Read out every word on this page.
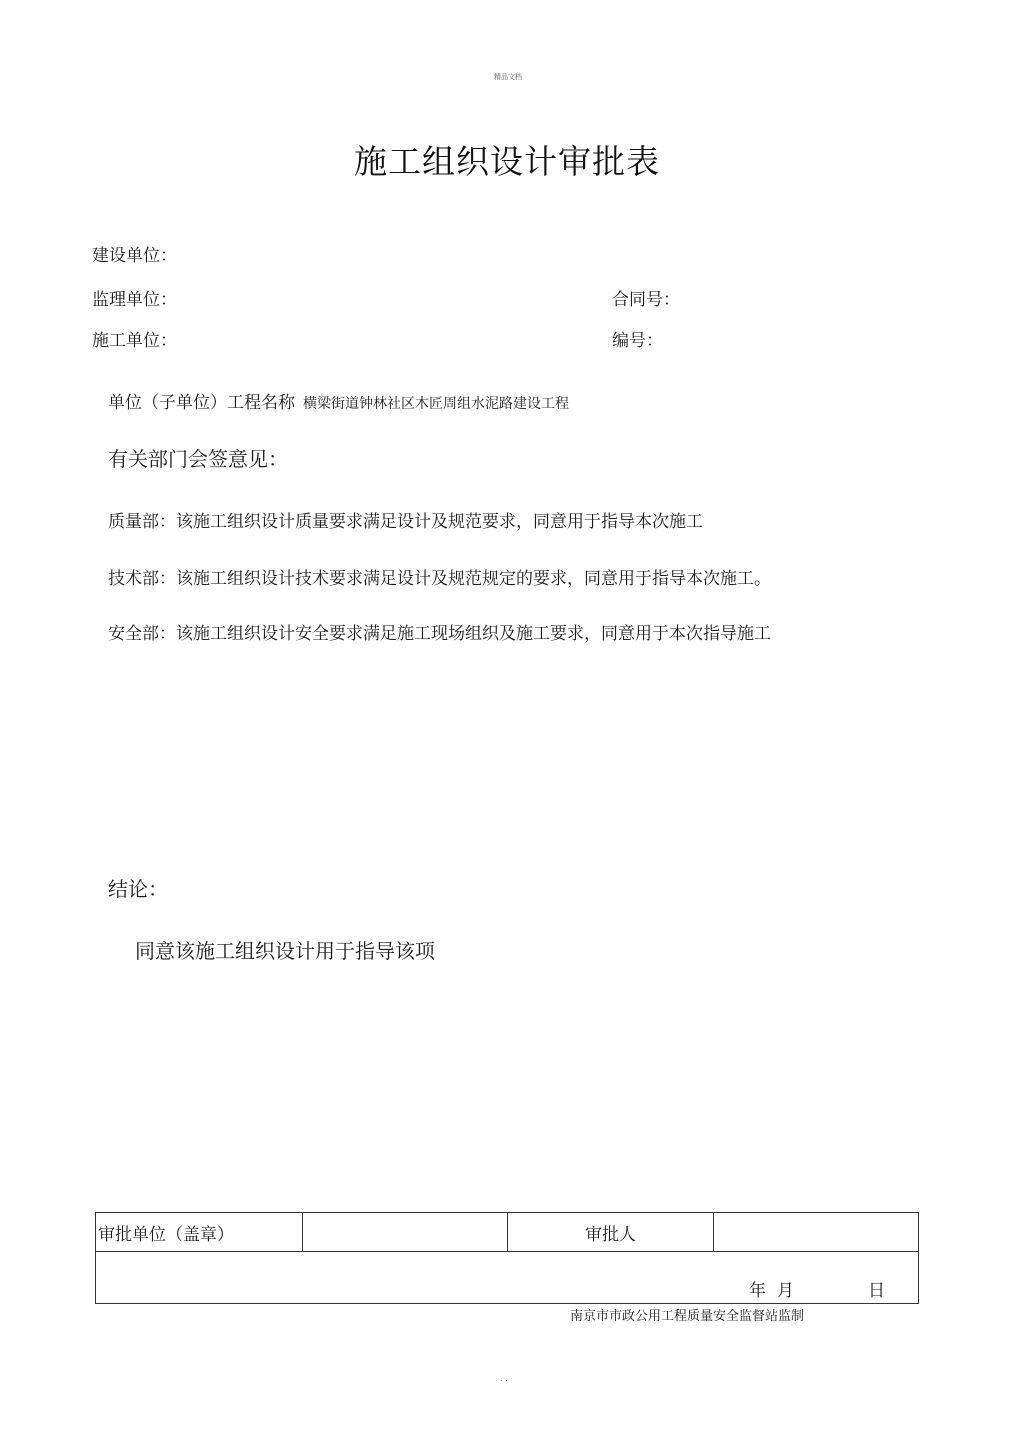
精品文档
施工组织设计审批表
建设单位：
监理单位：	合同号：
施工单位：	编号：
单位（子单位）工程名称 横梁街道钟林社区木匠周组水泥路建设工程
有关部门会签意见：
质量部：该施工组织设计质量要求满足设计及规范要求，同意用于指导本次施工
技术部：该施工组织设计技术要求满足设计及规范规定的要求，同意用于指导本次施工。
安全部：该施工组织设计安全要求满足施工现场组织及施工要求，同意用于本次指导施工
结论：
同意该施工组织设计用于指导该项
审批单位（盖章）		审批人	

年 月	日
南京市市政公用工程质量安全监督站监制
. .
